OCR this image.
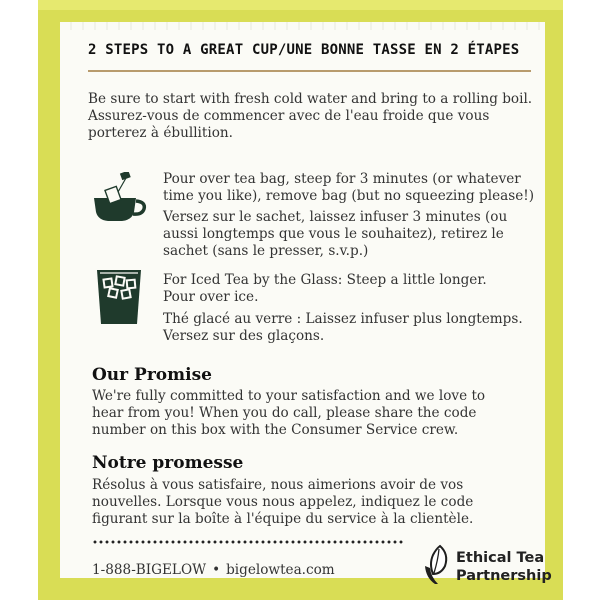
2 STEPS TO A GREAT CUP/UNE BONNE TASSE EN 2 ÉTAPES
Be sure to start with fresh cold water and bring to a rolling boil.
Assurez-vous de commencer avec de l'eau froide que vous
porterez à ébullition.
Pour over tea bag, steep for 3 minutes (or whatever
time you like), remove bag (but no squeezing please!)
Versez sur le sachet, laissez infuser 3 minutes (ou
aussi longtemps que vous le souhaitez), retirez le
sachet (sans le presser, s.v.p.)
For Iced Tea by the Glass: Steep a little longer.
Pour over ice.
Thé glacé au verre : Laissez infuser plus longtemps.
Versez sur des glaçons.
Our Promise
We're fully committed to your satisfaction and we love to
hear from you! When you do call, please share the code
number on this box with the Consumer Service crew.
Notre promesse
Résolus à vous satisfaire, nous aimerions avoir de vos
nouvelles. Lorsque vous nous appelez, indiquez le code
figurant sur la boîte à l'équipe du service à la clientèle.
1-888-BIGELOW • bigelowtea.com
Ethical Tea
Partnership
